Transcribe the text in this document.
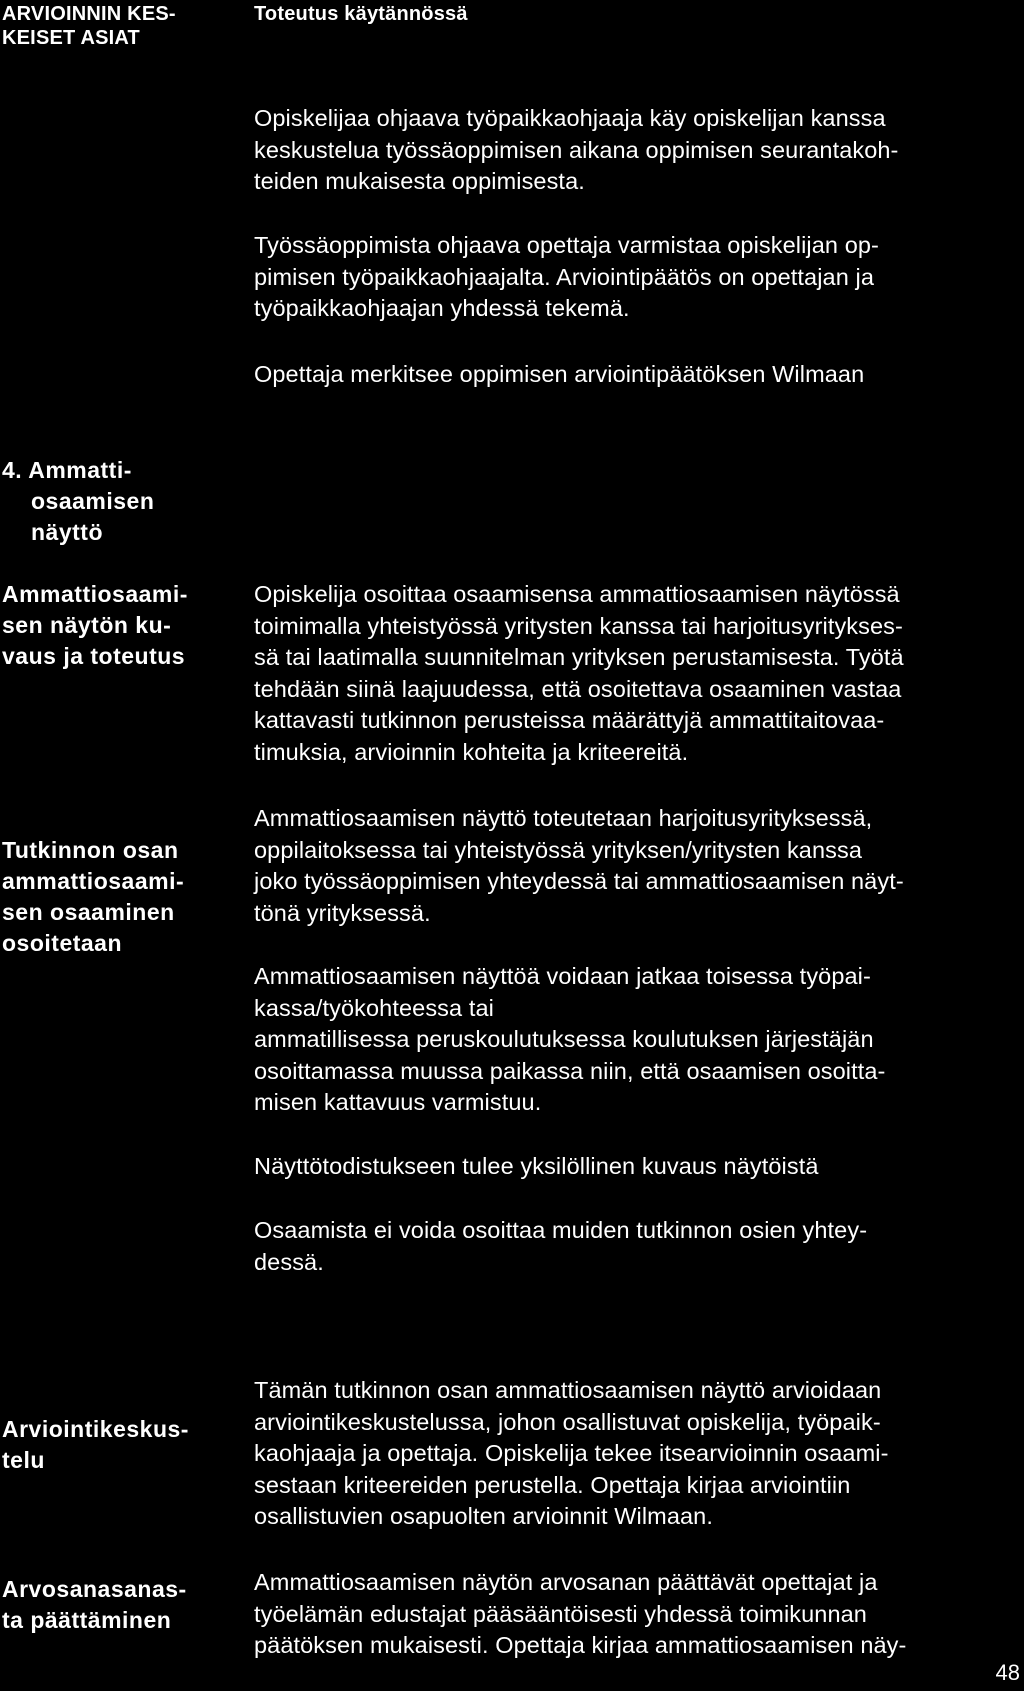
ARVIOINNIN KES-
KEISET ASIAT
Toteutus käytännössä

Opiskelijaa ohjaava työpaikkaohjaaja käy opiskelijan kanssa
keskustelua työssäoppimisen aikana oppimisen seurantakoh-
teiden mukaisesta oppimisesta.

Työssäoppimista ohjaava opettaja varmistaa opiskelijan op-
pimisen työpaikkaohjaajalta. Arviointipäätös on opettajan ja
työpaikkaohjaajan yhdessä tekemä.

Opettaja merkitsee oppimisen arviointipäätöksen Wilmaan

4. Ammatti-
osaamisen
näyttö
Ammattiosaami-
sen näytön ku-
vaus ja toteutus
Tutkinnon osan
ammattiosaami-
sen osaaminen
osoitetaan
Arviointikeskus-
telu
Arvosanasanas-
ta päättäminen

Opiskelija osoittaa osaamisensa ammattiosaamisen näytössä
toimimalla yhteistyössä yritysten kanssa tai harjoitusyritykses-
sä tai laatimalla suunnitelman yrityksen perustamisesta. Työtä
tehdään siinä laajuudessa, että osoitettava osaaminen vastaa
kattavasti tutkinnon perusteissa määrättyjä ammattitaitovaa-
timuksia, arvioinnin kohteita ja kriteereitä.

Ammattiosaamisen näyttö toteutetaan harjoitusyrityksessä,
oppilaitoksessa tai yhteistyössä yrityksen/yritysten kanssa
joko työssäoppimisen yhteydessä tai ammattiosaamisen näyt-
tönä yrityksessä.

Ammattiosaamisen näyttöä voidaan jatkaa toisessa työpai-
kassa/työkohteessa tai
ammatillisessa peruskoulutuksessa koulutuksen järjestäjän
osoittamassa muussa paikassa niin, että osaamisen osoitta-
misen kattavuus varmistuu.

Näyttötodistukseen tulee yksilöllinen kuvaus näytöistä

Osaamista ei voida osoittaa muiden tutkinnon osien yhtey-
dessä.

Tämän tutkinnon osan ammattiosaamisen näyttö arvioidaan
arviointikeskustelussa, johon osallistuvat opiskelija, työpaik-
kaohjaaja ja opettaja. Opiskelija tekee itsearvioinnin osaami-
sestaan kriteereiden perustella. Opettaja kirjaa arviointiin
osallistuvien osapuolten arvioinnit Wilmaan.

Ammattiosaamisen näytön arvosanan päättävät opettajat ja
työelämän edustajat pääsääntöisesti yhdessä toimikunnan
päätöksen mukaisesti. Opettaja kirjaa ammattiosaamisen näy-

48
